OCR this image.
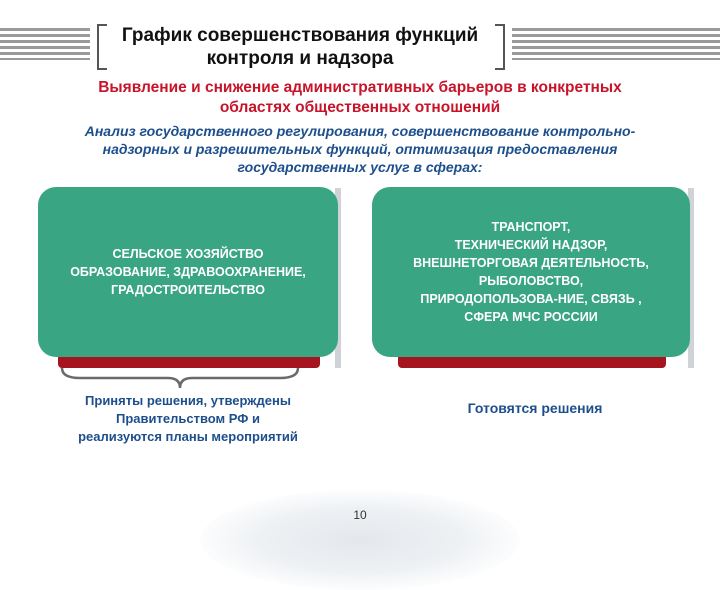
График совершенствования функций
контроля и надзора
Выявление и снижение административных барьеров в конкретных
областях общественных отношений
Анализ государственного регулирования, совершенствование контрольно-
надзорных и разрешительных функций, оптимизация предоставления
государственных услуг в сферах:
СЕЛЬСКОЕ ХОЗЯЙСТВО
ОБРАЗОВАНИЕ, ЗДРАВООХРАНЕНИЕ,
ГРАДОСТРОИТЕЛЬСТВО
ТРАНСПОРТ,
ТЕХНИЧЕСКИЙ НАДЗОР,
ВНЕШНЕТОРГОВАЯ ДЕЯТЕЛЬНОСТЬ,
РЫБОЛОВСТВО,
ПРИРОДОПОЛЬЗОВА-НИЕ, СВЯЗЬ ,
СФЕРА МЧС РОССИИ
Приняты решения, утверждены
Правительством РФ и
реализуются планы мероприятий
Готовятся решения
10
